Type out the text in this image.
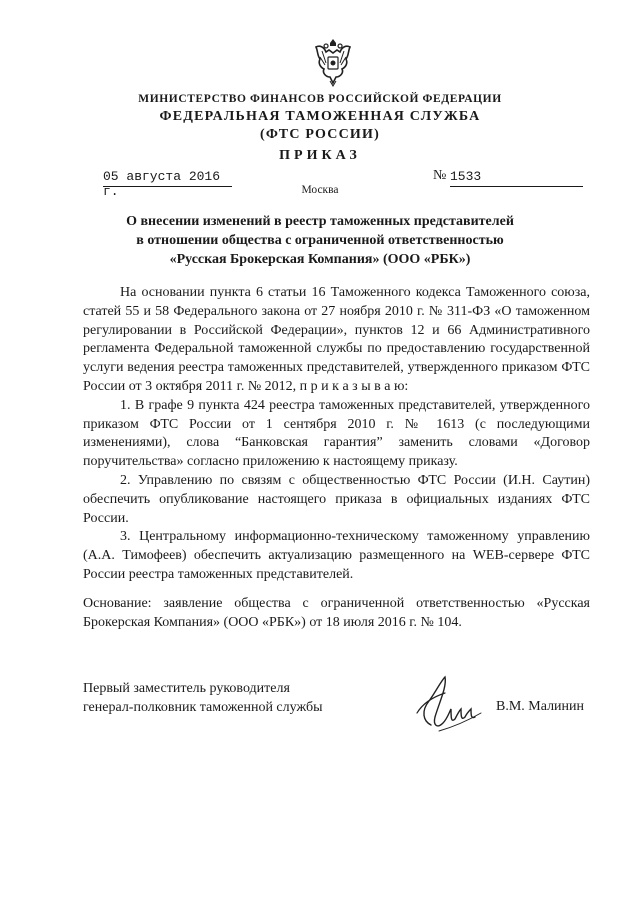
МИНИСТЕРСТВО ФИНАНСОВ РОССИЙСКОЙ ФЕДЕРАЦИИ
ФЕДЕРАЛЬНАЯ ТАМОЖЕННАЯ СЛУЖБА
(ФТС РОССИИ)
ПРИКАЗ
05 августа 2016 г.
№ 1533
Москва
О внесении изменений в реестр таможенных представителей
в отношении общества с ограниченной ответственностью
«Русская Брокерская Компания» (ООО «РБК»)

На основании пункта 6 статьи 16 Таможенного кодекса Таможенного союза, статей 55 и 58 Федерального закона от 27 ноября 2010 г. № 311-ФЗ «О таможенном регулировании в Российской Федерации», пунктов 12 и 66 Административного регламента Федеральной таможенной службы по предоставлению государственной услуги ведения реестра таможенных представителей, утвержденного приказом ФТС России от 3 октября 2011 г. № 2012, п р и к а з ы в а ю:

1. В графе 9 пункта 424 реестра таможенных представителей, утвержденного приказом ФТС России от 1 сентября 2010 г. № 1613 (с последующими изменениями), слова “Банковская гарантия” заменить словами «Договор поручительства» согласно приложению к настоящему приказу.

2. Управлению по связям с общественностью ФТС России (И.Н. Саутин) обеспечить опубликование настоящего приказа в официальных изданиях ФТС России.

3. Центральному информационно-техническому таможенному управлению (А.А. Тимофеев) обеспечить актуализацию размещенного на WEB-сервере ФТС России реестра таможенных представителей.

Основание: заявление общества с ограниченной ответственностью «Русская Брокерская Компания» (ООО «РБК») от 18 июля 2016 г. № 104.
Первый заместитель руководителя
генерал-полковник таможенной службы	В.М. Малинин
